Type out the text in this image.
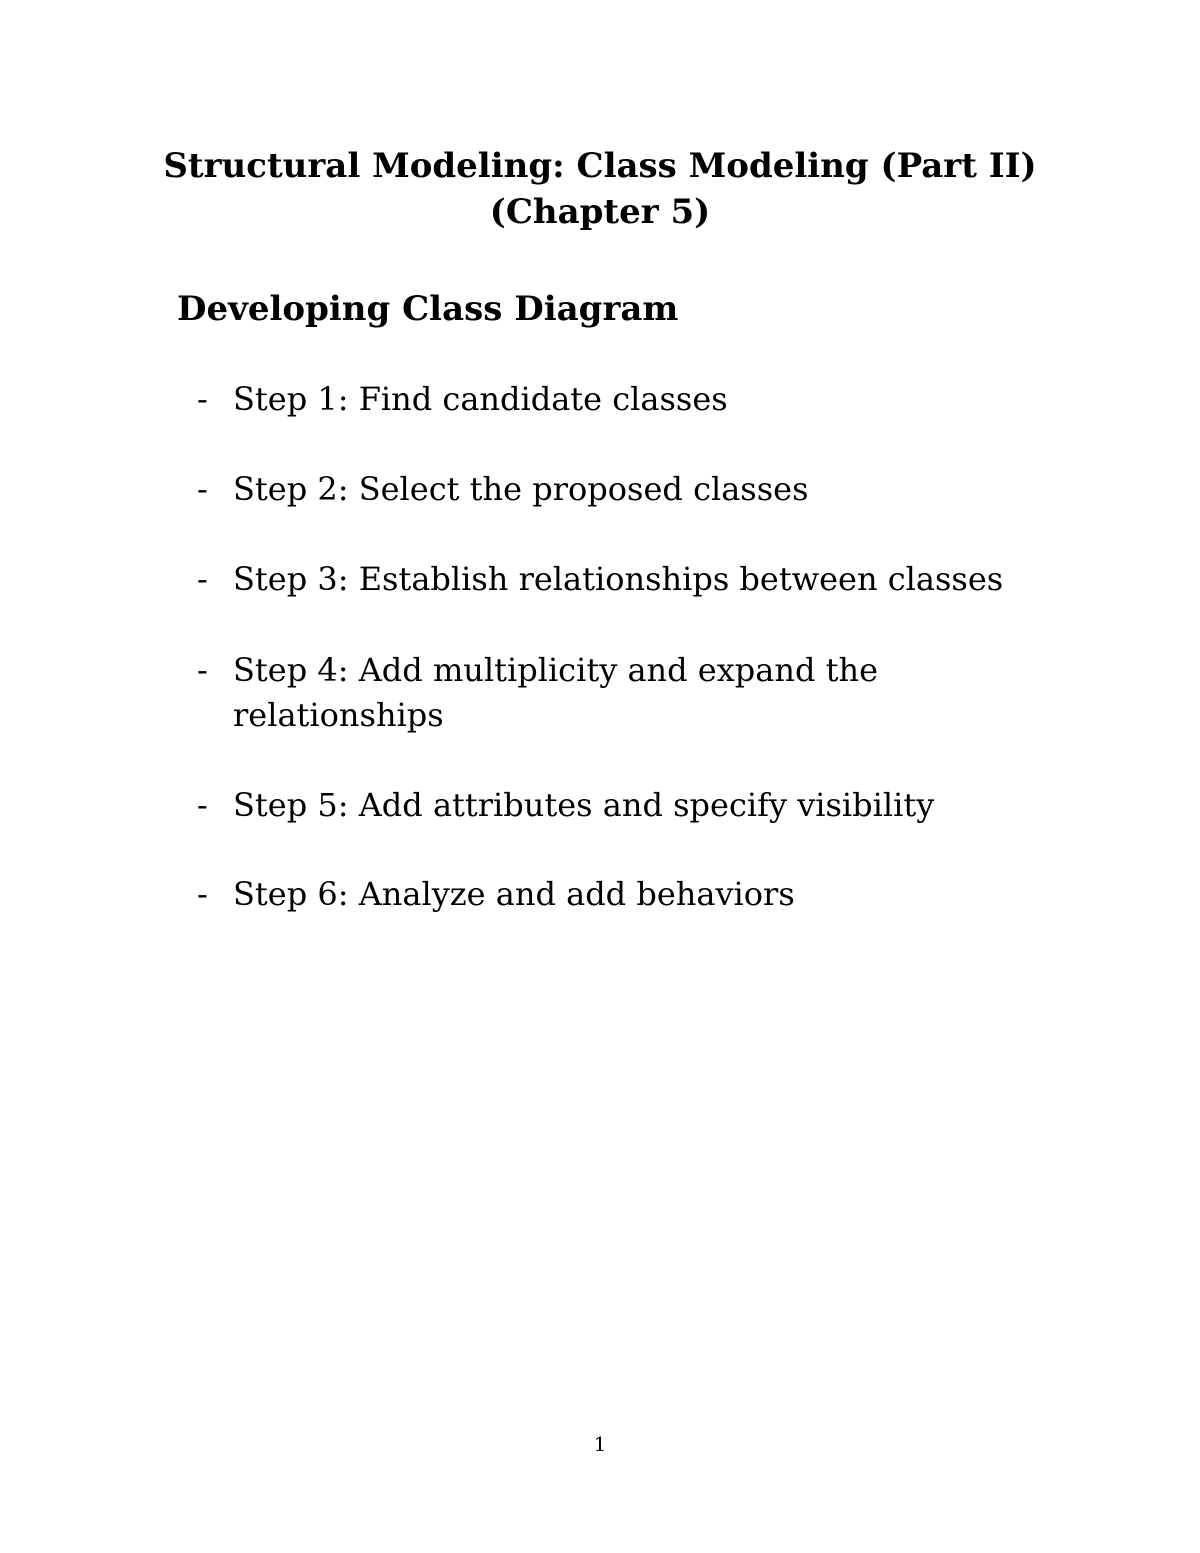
Structural Modeling: Class Modeling (Part II)
(Chapter 5)
Developing Class Diagram
- Step 1: Find candidate classes
- Step 2: Select the proposed classes
- Step 3: Establish relationships between classes
- Step 4: Add multiplicity and expand the relationships
- Step 5: Add attributes and specify visibility
- Step 6: Analyze and add behaviors
1
